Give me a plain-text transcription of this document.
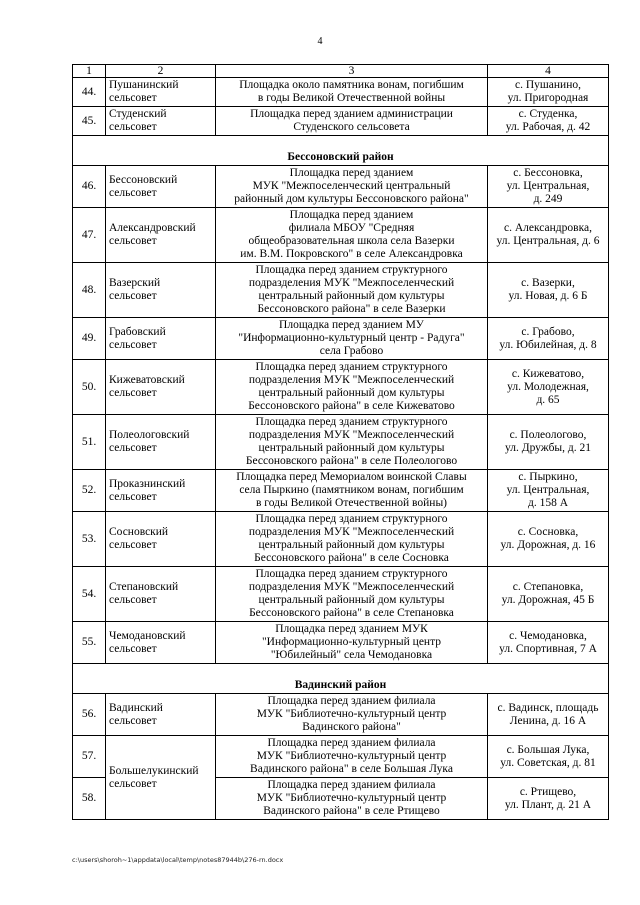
4
1	2	3	4
44.	Пушанинский
сельсовет	Площадка около памятника вонам, погибшим
в годы Великой Отечественной войны	с. Пушанино,
ул. Пригородная

45.	Студенский
сельсовет	Площадка перед зданием администрации
Студенского сельсовета	с. Студенка,
ул. Рабочая, д. 42

Бессоновский район			
46.	Бессоновский
сельсовет	Площадка перед зданием
МУК "Межпоселенческий центральный
районный дом культуры Бессоновского района"	с. Бессоновка,
ул. Центральная,
д. 249

47.	Александровский
сельсовет	Площадка перед зданием
филиала МБОУ "Средняя
общеобразовательная школа села Вазерки
им. В.М. Покровского" в селе Александровка	с. Александровка,
ул. Центральная, д. 6

48.	Вазерский
сельсовет	Площадка перед зданием структурного
подразделения МУК "Межпоселенческий
центральный районный дом культуры
Бессоновского района" в селе Вазерки	с. Вазерки,
ул. Новая, д. 6 Б

49.	Грабовский
сельсовет	Площадка перед зданием МУ
"Информационно-культурный центр - Радуга"
села Грабово	с. Грабово,
ул. Юбилейная, д. 8

50.	Кижеватовский
сельсовет	Площадка перед зданием структурного
подразделения МУК "Межпоселенческий
центральный районный дом культуры
Бессоновского района" в селе Кижеватово	с. Кижеватово,
ул. Молодежная,
д. 65

51.	Полеологовский
сельсовет	Площадка перед зданием структурного
подразделения МУК "Межпоселенческий
центральный районный дом культуры
Бессоновского района" в селе Полеологово	с. Полеологово,
ул. Дружбы, д. 21

52.	Проказнинский
сельсовет	Площадка перед Мемориалом воинской Славы
села Пыркино (памятником вонам, погибшим
в годы Великой Отечественной войны)	с. Пыркино,
ул. Центральная,
д. 158 А

53.	Сосновский
сельсовет	Площадка перед зданием структурного
подразделения МУК "Межпоселенческий
центральный районный дом культуры
Бессоновского района" в селе Сосновка	с. Сосновка,
ул. Дорожная, д. 16

54.	Степановский
сельсовет	Площадка перед зданием структурного
подразделения МУК "Межпоселенческий
центральный районный дом культуры
Бессоновского района" в селе Степановка	с. Степановка,
ул. Дорожная, 45 Б

55.	Чемодановский
сельсовет	Площадка перед зданием МУК
"Информационно-культурный центр
"Юбилейный" села Чемодановка	с. Чемодановка,
ул. Спортивная, 7 А

Вадинский район			
56.	Вадинский
сельсовет	Площадка перед зданием филиала
МУК "Библиотечно-культурный центр
Вадинского района"	с. Вадинск, площадь
Ленина, д. 16 А

57.	Большелукинский
сельсовет	Площадка перед зданием филиала
МУК "Библиотечно-культурный центр
Вадинского района" в селе Большая Лука	с. Большая Лука,
ул. Советская, д. 81

58.		Площадка перед зданием филиала
МУК "Библиотечно-культурный центр
Вадинского района" в селе Ртищево	с. Ртищево,
ул. Плант, д. 21 А
c:\users\shoroh~1\appdata\local\temp\notes87944b\276-rn.docx
